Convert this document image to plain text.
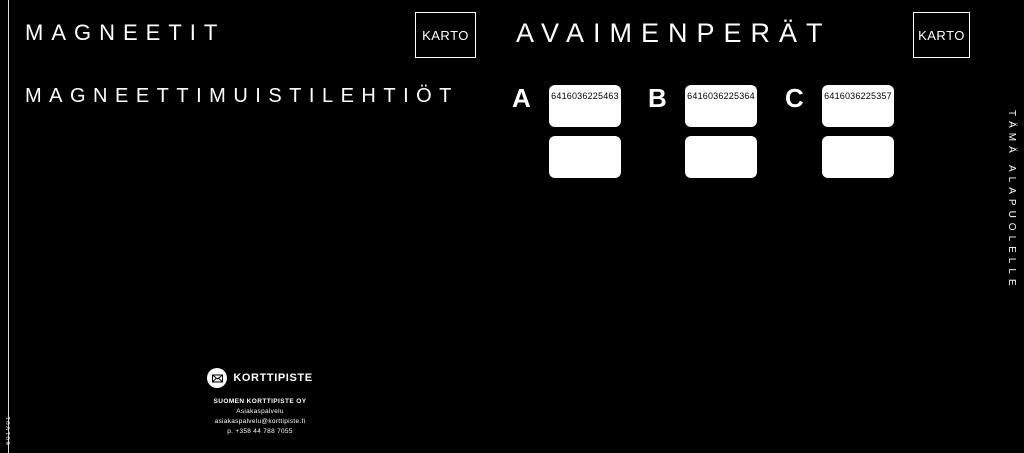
MAGNEETIT
MAGNEETTIMUISTILEHTIÖT
AVAIMENPERÄT
KARTO	KARTO
A 6416036225463 B 6416036225364 C 6416036225357
TÄMÄ ALAPUOLELLE
601V01
KORTTIPISTE
SUOMEN KORTTIPISTE OY
Asiakaspalvelu
asiakaspalvelu@korttipiste.fi
p. +358 44 788 7055
